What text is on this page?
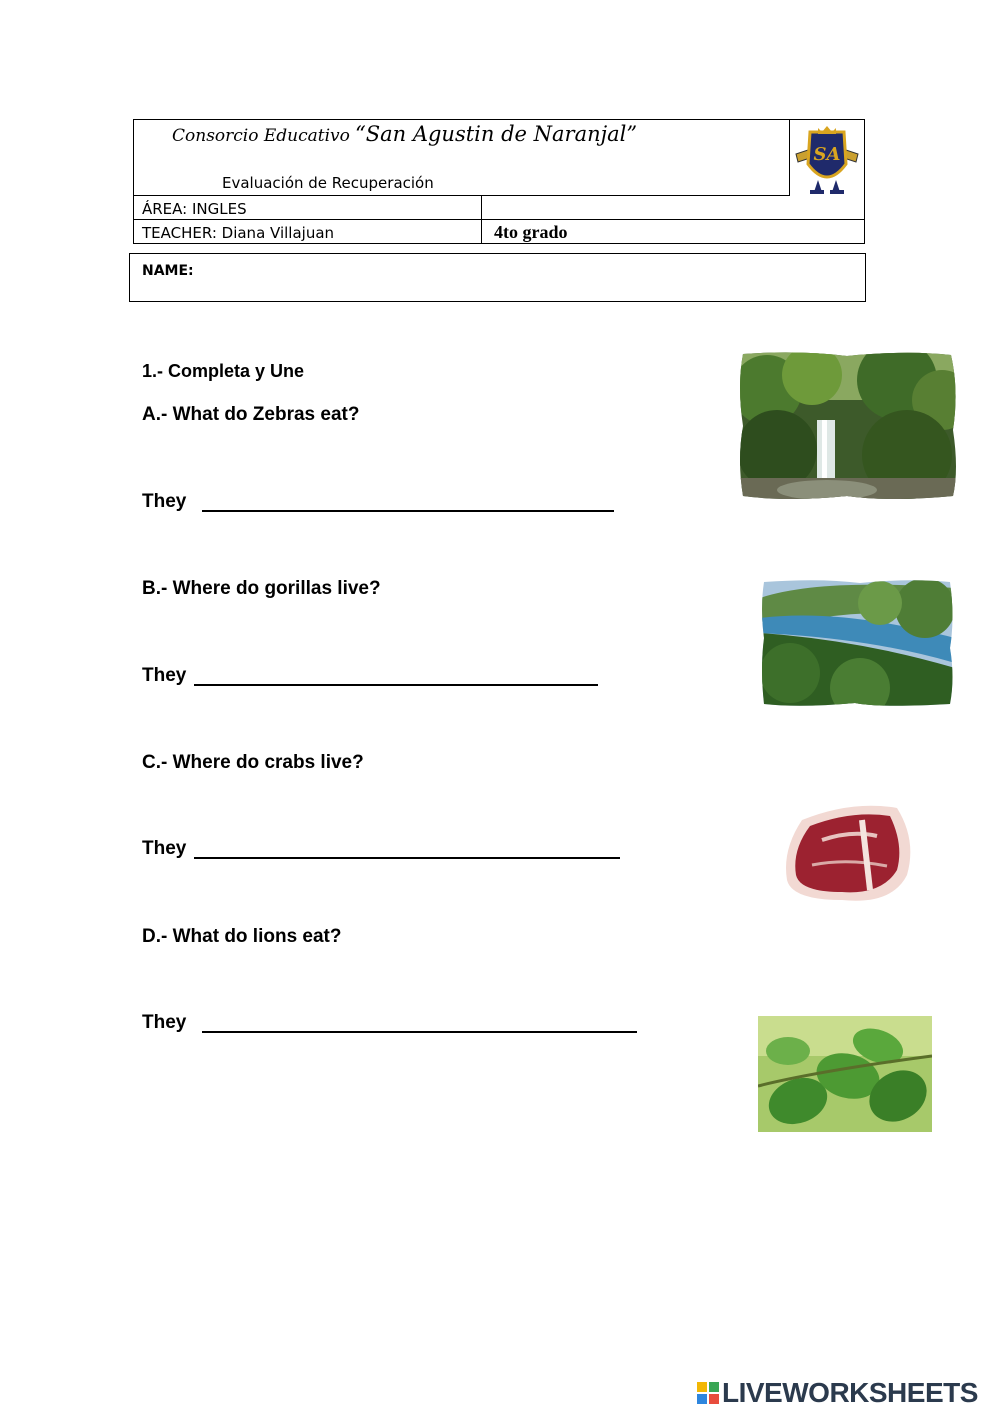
Consorcio Educativo “San Agustin de Naranjal”
Evaluación de Recuperación
ÁREA: INGLES
TEACHER: Diana Villajuan	4to grado
SA
NAME:
1.- Completa y Une
A.- What do Zebras eat?
They
B.- Where do gorillas live?
They
C.- Where do crabs live?
They
D.- What do lions eat?
They
LIVEWORKSHEETS
